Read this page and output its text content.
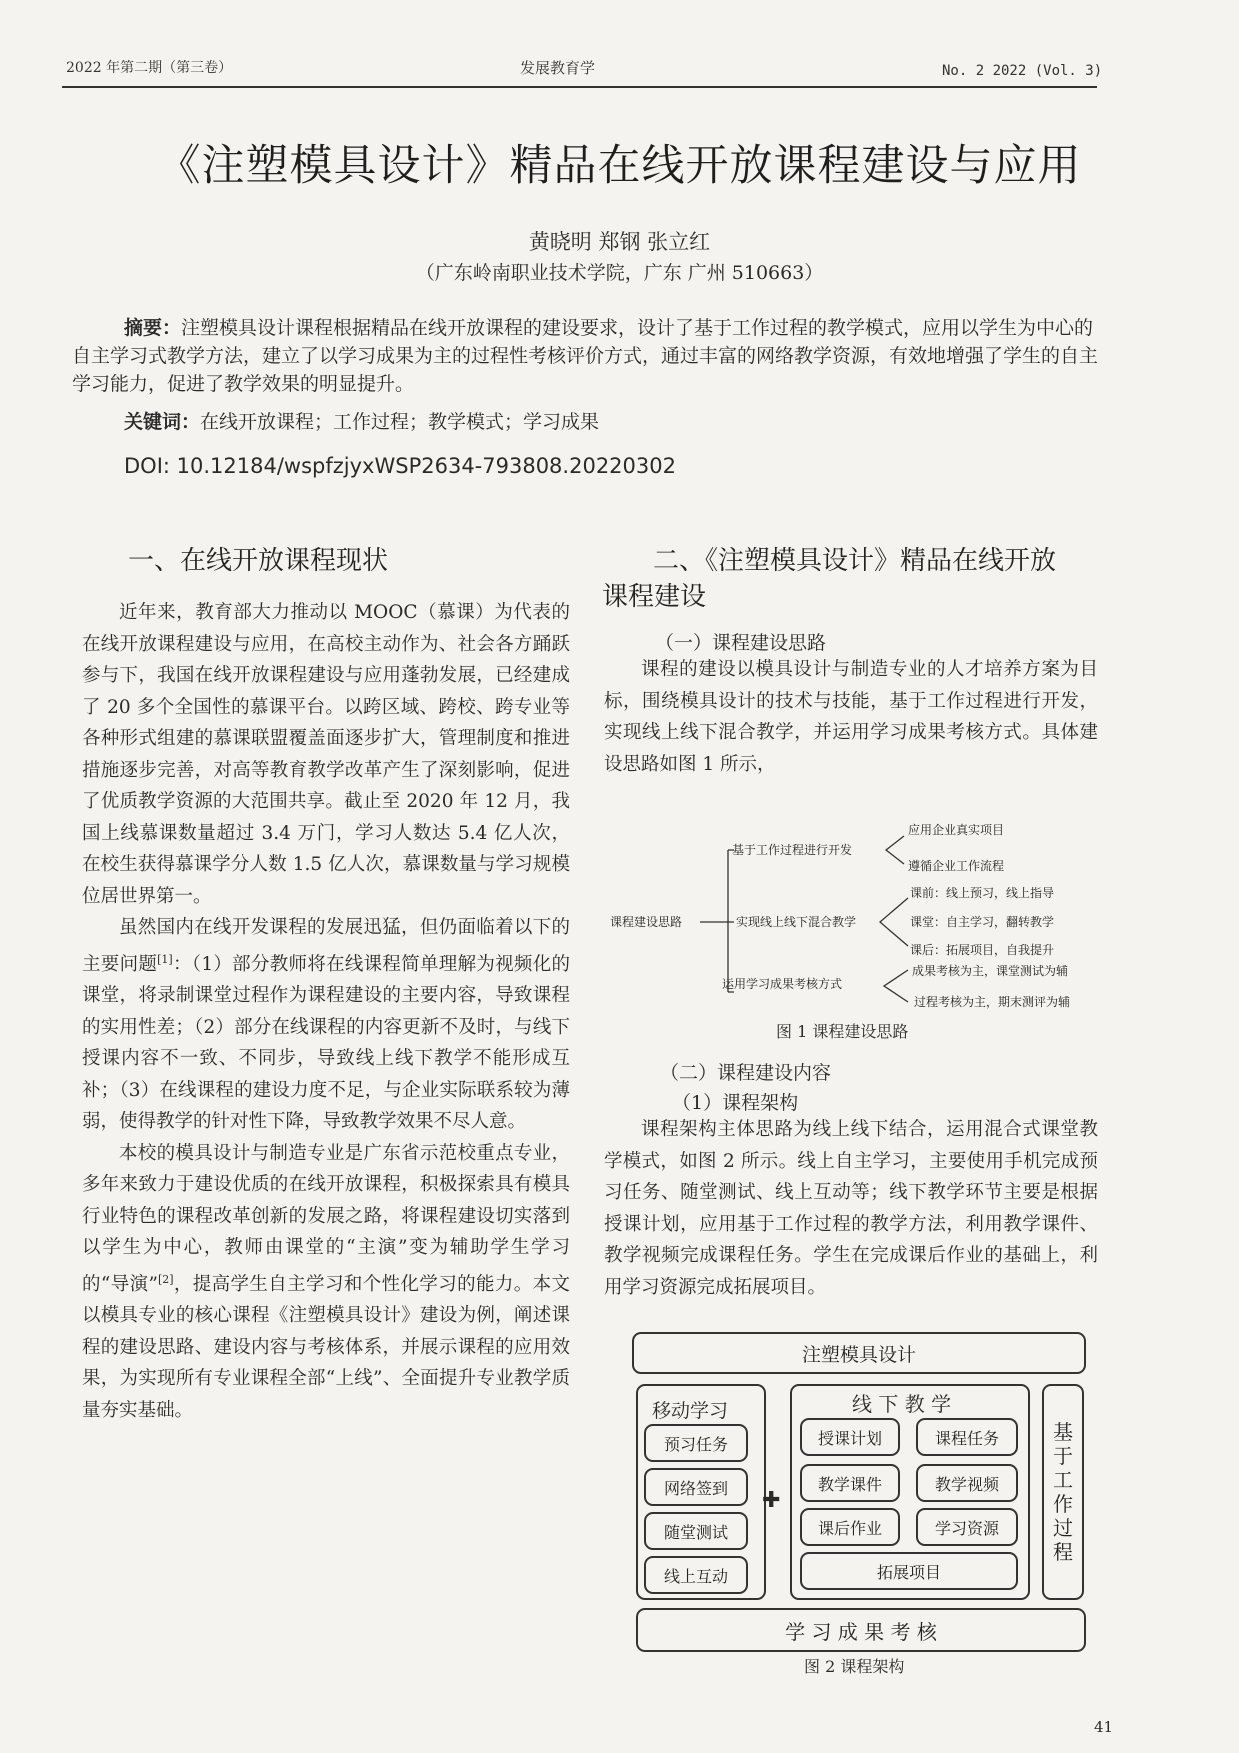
2022 年第二期（第三卷）	发展教育学	No. 2 2022 (Vol. 3)
《注塑模具设计》精品在线开放课程建设与应用
黄晓明 郑钢 张立红
（广东岭南职业技术学院，广东 广州 510663）
摘要：注塑模具设计课程根据精品在线开放课程的建设要求，设计了基于工作过程的教学模式，应用以学生为中心的自主学习式教学方法，建立了以学习成果为主的过程性考核评价方式，通过丰富的网络教学资源，有效地增强了学生的自主学习能力，促进了教学效果的明显提升。
关键词：在线开放课程；工作过程；教学模式；学习成果
DOI: 10.12184/wspfzjyxWSP2634-793808.20220302
一、在线开放课程现状

近年来，教育部大力推动以 MOOC（慕课）为代表的在线开放课程建设与应用，在高校主动作为、社会各方踊跃参与下，我国在线开放课程建设与应用蓬勃发展，已经建成了 20 多个全国性的慕课平台。以跨区域、跨校、跨专业等各种形式组建的慕课联盟覆盖面逐步扩大，管理制度和推进措施逐步完善，对高等教育教学改革产生了深刻影响，促进了优质教学资源的大范围共享。截止至 2020 年 12 月，我国上线慕课数量超过 3.4 万门，学习人数达 5.4 亿人次，在校生获得慕课学分人数 1.5 亿人次，慕课数量与学习规模位居世界第一。

虽然国内在线开发课程的发展迅猛，但仍面临着以下的主要问题[1]：（1）部分教师将在线课程简单理解为视频化的课堂，将录制课堂过程作为课程建设的主要内容，导致课程的实用性差；（2）部分在线课程的内容更新不及时，与线下授课内容不一致、不同步，导致线上线下教学不能形成互补；（3）在线课程的建设力度不足，与企业实际联系较为薄弱，使得教学的针对性下降，导致教学效果不尽人意。

本校的模具设计与制造专业是广东省示范校重点专业，多年来致力于建设优质的在线开放课程，积极探索具有模具行业特色的课程改革创新的发展之路，将课程建设切实落到以学生为中心，教师由课堂的“主演”变为辅助学生学习的“导演”[2]，提高学生自主学习和个性化学习的能力。本文以模具专业的核心课程《注塑模具设计》建设为例，阐述课程的建设思路、建设内容与考核体系，并展示课程的应用效果，为实现所有专业课程全部“上线”、全面提升专业教学质量夯实基础。

二、《注塑模具设计》精品在线开放
课程建设
（一）课程建设思路

课程的建设以模具设计与制造专业的人才培养方案为目标，围绕模具设计的技术与技能，基于工作过程进行开发，实现线上线下混合教学，并运用学习成果考核方式。具体建设思路如图 1 所示，

课程建设思路
基于工作过程进行开发
实现线上线下混合教学
运用学习成果考核方式
应用企业真实项目
遵循企业工作流程
课前：线上预习，线上指导
课堂：自主学习，翻转教学
课后：拓展项目，自我提升
成果考核为主，课堂测试为辅
过程考核为主，期末测评为辅
图 1 课程建设思路
（二）课程建设内容
（1）课程架构

课程架构主体思路为线上线下结合，运用混合式课堂教学模式，如图 2 所示。线上自主学习，主要使用手机完成预习任务、随堂测试、线上互动等；线下教学环节主要是根据授课计划，应用基于工作过程的教学方法，利用教学课件、教学视频完成课程任务。学生在完成课后作业的基础上，利用学习资源完成拓展项目。

注塑模具设计
移动学习
预习任务
网络签到
随堂测试
线上互动
✚
线 下 教 学
授课计划	课程任务
教学课件	教学视频
课后作业	学习资源
拓展项目
基
于
工
作
过
程
学 习 成 果 考 核
图 2 课程架构
41
